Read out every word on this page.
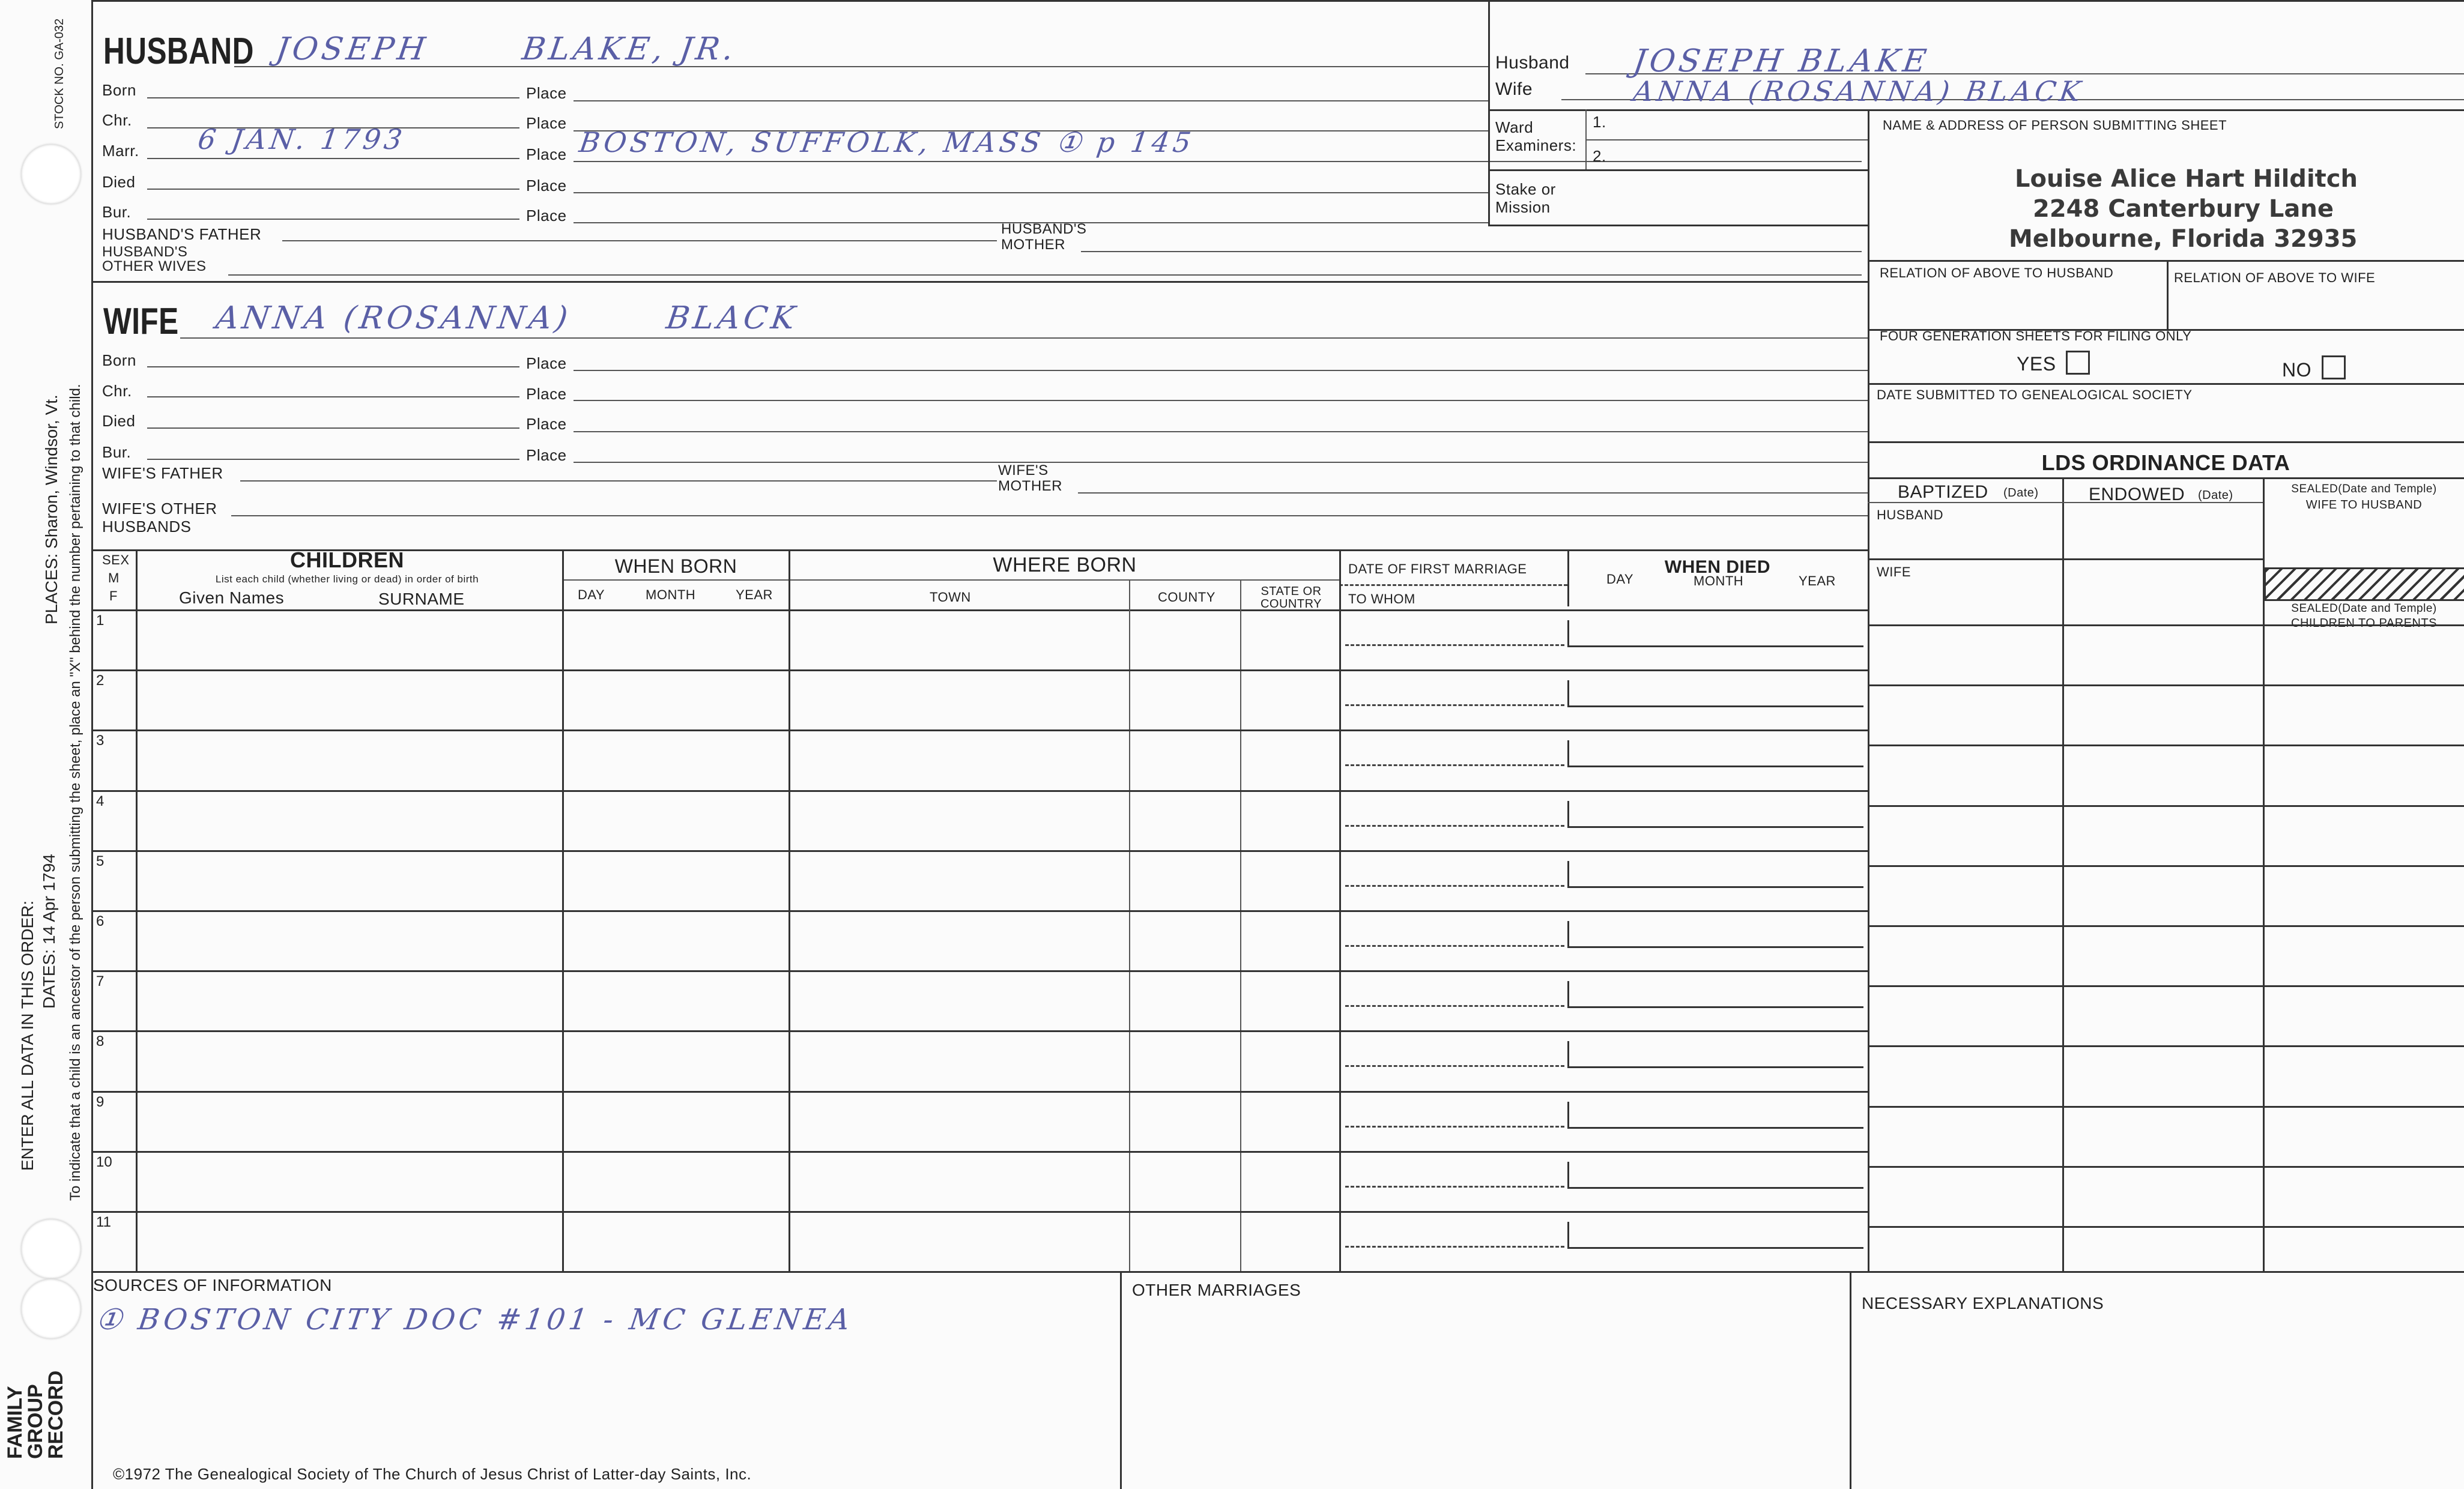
STOCK NO. GA-032
PLACES: Sharon, Windsor, Vt. To indicate that a child is an ancestor of the person submitting the sheet, place an "X" behind the number pertaining to that child.
ENTER ALL DATA IN THIS ORDER: DATES: 14 Apr 1794
FAMILY GROUP RECORD
HUSBAND JOSEPH	BLAKE, JR.
Born	Place
Chr.	Place
Marr. 6 JAN. 1793	Place BOSTON, SUFFOLK, MASS ① p 145
Died	Place
Bur.	Place
HUSBAND'S FATHER	HUSBAND'S
MOTHER
HUSBAND'S
OTHER WIVES
Husband JOSEPH BLAKE
Wife	ANNA (ROSANNA) BLACK
Ward
Examiners:
1.
2.
Stake or
Mission
NAME & ADDRESS OF PERSON SUBMITTING SHEET
Louise Alice Hart Hilditch
2248 Canterbury Lane
Melbourne, Florida 32935
RELATION OF ABOVE TO HUSBAND	RELATION OF ABOVE TO WIFE
FOUR GENERATION SHEETS FOR FILING ONLY
YES	NO
DATE SUBMITTED TO GENEALOGICAL SOCIETY
LDS ORDINANCE DATA
BAPTIZED (Date)	ENDOWED (Date)	SEALED(Date and Temple)
WIFE TO HUSBAND
HUSBAND
WIFE
SEALED(Date and Temple)
CHILDREN TO PARENTS
WIFE ANNA (ROSANNA)	BLACK
Born	Place
Chr.	Place
Died	Place
Bur.	Place
WIFE'S FATHER	WIFE'S
MOTHER
WIFE'S OTHER
HUSBANDS
SEX
M
F
CHILDREN
List each child (whether living or dead) in order of birth
Given Names	SURNAME
WHEN BORN
DAY	MONTH	YEAR
WHERE BORN
TOWN	COUNTY	STATE OR
COUNTRY
DATE OF FIRST MARRIAGE
TO WHOM
WHEN DIED
DAY	MONTH	YEAR
1
2
3
4
5
6
7
8
9
10
11
SOURCES OF INFORMATION
① BOSTON CITY DOC #101 - MC GLENEA
OTHER MARRIAGES
NECESSARY EXPLANATIONS
©1972 The Genealogical Society of The Church of Jesus Christ of Latter-day Saints, Inc.
